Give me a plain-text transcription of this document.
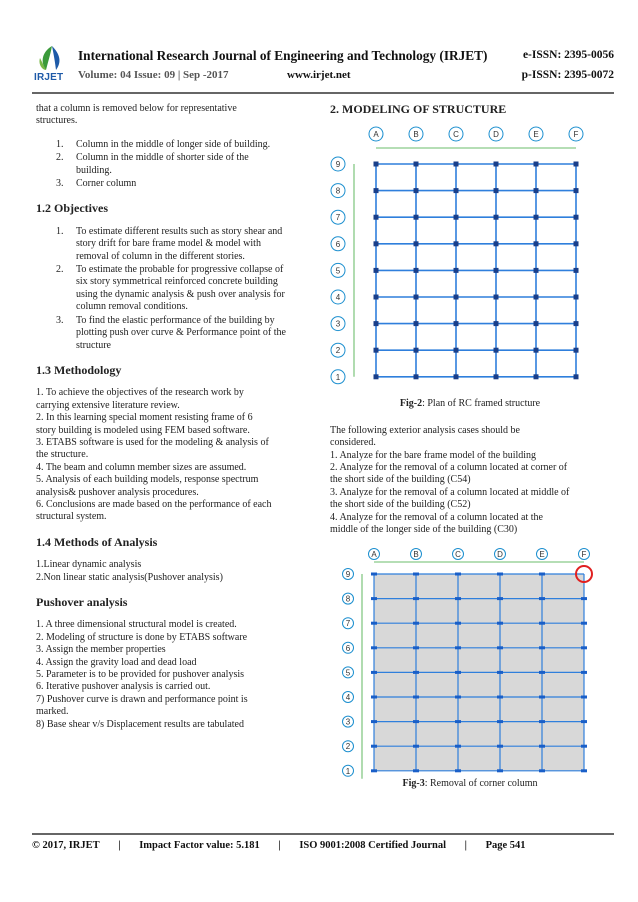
IRJET
International Research Journal of Engineering and Technology (IRJET)	e-ISSN: 2395-0056
Volume: 04 Issue: 09 | Sep -2017	www.irjet.net	p-ISSN: 2395-0072
that a column is removed below for representative
structures.
1. Column in the middle of longer side of building.
2. Column in the middle of shorter side of the
building.
3. Corner column
1.2 Objectives
1. To estimate different results such as story shear and
story drift for bare frame model & model with
removal of column in the different stories.
2. To estimate the probable for progressive collapse of
six story symmetrical reinforced concrete building
using the dynamic analysis & push over analysis for
column removal conditions.
3. To find the elastic performance of the building by
plotting push over curve & Performance point of the
structure
1.3 Methodology
1. To achieve the objectives of the research work by
carrying extensive literature review.
2. In this learning special moment resisting frame of 6
story building is modeled using FEM based software.
3. ETABS software is used for the modeling & analysis of
the structure.
4. The beam and column member sizes are assumed.
5. Analysis of each building models, response spectrum
analysis& pushover analysis procedures.
6. Conclusions are made based on the performance of each
structural system.
1.4 Methods of Analysis
1.Linear dynamic analysis
2.Non linear static analysis(Pushover analysis)
Pushover analysis
1. A three dimensional structural model is created.
2. Modeling of structure is done by ETABS software
3. Assign the member properties
4. Assign the gravity load and dead load
5. Parameter is to be provided for pushover analysis
6. Iterative pushover analysis is carried out.
7) Pushover curve is drawn and performance point is
marked.
8) Base shear v/s Displacement results are tabulated
2. MODELING OF STRUCTURE
A	B	C	D	E	F
9
8
7
6
5
4
3
2
1
Fig-2: Plan of RC framed structure
The following exterior analysis cases should be
considered.
1. Analyze for the bare frame model of the building
2. Analyze for the removal of a column located at corner of
the short side of the building (C54)
3. Analyze for the removal of a column located at middle of
the short side of the building (C52)
4. Analyze for the removal of a column located at the
middle of the longer side of the building (C30)
A	B	C	D	E	F
9
8
7
6
5
4
3
2
1
Fig-3: Removal of corner column
© 2017, IRJET | Impact Factor value: 5.181 | ISO 9001:2008 Certified Journal | Page 541
